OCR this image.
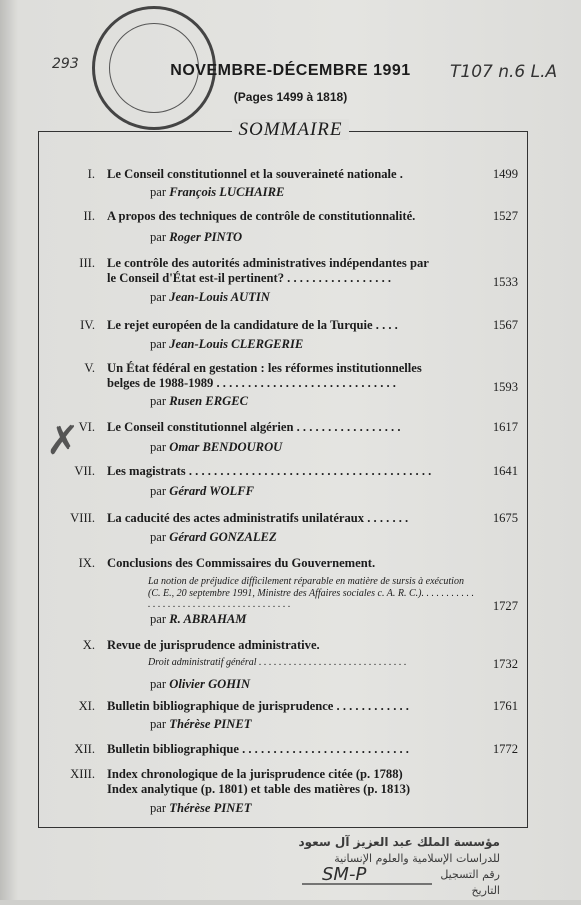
293	NOVEMBRE-DÉCEMBRE 1991	T107 n.6 L.A
(Pages 1499 à 1818)
SOMMAIRE
✗
I. Le Conseil constitutionnel et la souveraineté nationale .	1499
par François LUCHAIRE
II. A propos des techniques de contrôle de constitutionnalité.	1527
par Roger PINTO
III. Le contrôle des autorités administratives indépendantes par
le Conseil d'État est-il pertinent? . . . . . . . . . . . . . . . . .	1533
par Jean-Louis AUTIN
IV. Le rejet européen de la candidature de la Turquie . . . .	1567
par Jean-Louis CLERGERIE
V. Un État fédéral en gestation : les réformes institutionnelles
belges de 1988-1989 . . . . . . . . . . . . . . . . . . . . . . . . . . . . .	1593
par Rusen ERGEC
VI. Le Conseil constitutionnel algérien . . . . . . . . . . . . . . . . .	1617
par Omar BENDOUROU
VII. Les magistrats . . . . . . . . . . . . . . . . . . . . . . . . . . . . . . . . . . . . . . .	1641
par Gérard WOLFF
VIII. La caducité des actes administratifs unilatéraux . . . . . . .	1675
par Gérard GONZALEZ
IX. Conclusions des Commissaires du Gouvernement.
La notion de préjudice difficilement réparable en matière de sursis à exécution (C. E., 20 septembre 1991, Ministre des Affaires sociales c. A. R. C.). . . . . . . . . . . . . . . . . . . . . . . . . . . . . . . . . . . . . . . .	1727
par R. ABRAHAM
X. Revue de jurisprudence administrative.
Droit administratif général . . . . . . . . . . . . . . . . . . . . . . . . . . . . . .	1732
par Olivier GOHIN
XI. Bulletin bibliographique de jurisprudence . . . . . . . . . . . .	1761
par Thérèse PINET
XII. Bulletin bibliographique . . . . . . . . . . . . . . . . . . . . . . . . . . .	1772
XIII. Index chronologique de la jurisprudence citée (p. 1788)
Index analytique (p. 1801) et table des matières (p. 1813)
par Thérèse PINET
مؤسسة الملك عبد العزيز آل سعود
للدراسات الإسلامية والعلوم الإنسانية
رقم التسجيل
SM-P
التاريخ
